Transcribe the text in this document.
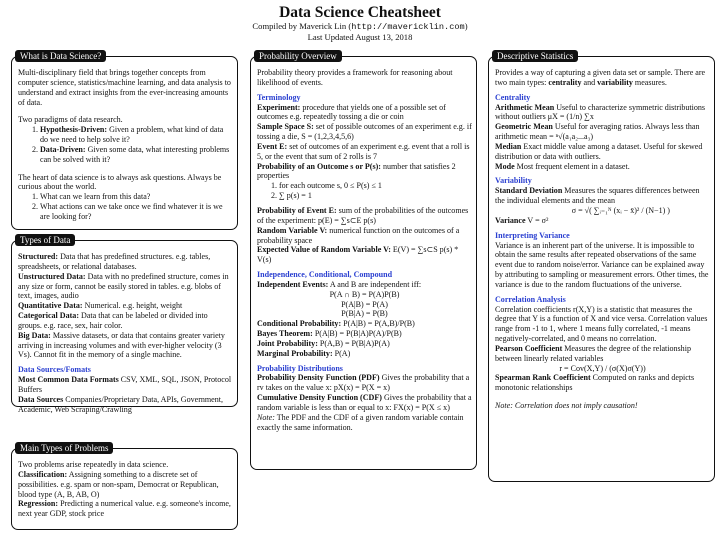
Data Science Cheatsheet
Compiled by Maverick Lin (http://mavericklin.com)
Last Updated August 13, 2018
What is Data Science?

Multi-disciplinary field that brings together concepts from computer science, statistics/machine learning, and data analysis to understand and extract insights from the ever-increasing amounts of data.

Two paradigms of data research.

1. Hypothesis-Driven: Given a problem, what kind of data do we need to help solve it?
2. Data-Driven: Given some data, what interesting problems can be solved with it?

The heart of data science is to always ask questions. Always be curious about the world.

1. What can we learn from this data?
2. What actions can we take once we find whatever it is we are looking for?
Types of Data

Structured: Data that has predefined structures. e.g. tables, spreadsheets, or relational databases.

Unstructured Data: Data with no predefined structure, comes in any size or form, cannot be easily stored in tables. e.g. blobs of text, images, audio

Quantitative Data: Numerical. e.g. height, weight

Categorical Data: Data that can be labeled or divided into groups. e.g. race, sex, hair color.

Big Data: Massive datasets, or data that contains greater variety arriving in increasing volumes and with ever-higher velocity (3 Vs). Cannot fit in the memory of a single machine.

Data Sources/Fomats

Most Common Data Formats CSV, XML, SQL, JSON, Protocol Buffers

Data Sources Companies/Proprietary Data, APIs, Government, Academic, Web Scraping/Crawling

Main Types of Problems

Two problems arise repeatedly in data science.

Classification: Assigning something to a discrete set of possibilities. e.g. spam or non-spam, Democrat or Republican, blood type (A, B, AB, O)

Regression: Predicting a numerical value. e.g. someone's income, next year GDP, stock price

Probability Overview

Probability theory provides a framework for reasoning about likelihood of events.

Terminology

Experiment: procedure that yields one of a possible set of outcomes e.g. repeatedly tossing a die or coin

Sample Space S: set of possible outcomes of an experiment e.g. if tossing a die, S = (1,2,3,4,5,6)

Event E: set of outcomes of an experiment e.g. event that a roll is 5, or the event that sum of 2 rolls is 7

Probability of an Outcome s or P(s): number that satisfies 2 properties

1. for each outcome s, 0 ≤ P(s) ≤ 1
2. ∑ p(s) = 1

Probability of Event E: sum of the probabilities of the outcomes of the experiment: p(E) = ∑s⊂E p(s)

Random Variable V: numerical function on the outcomes of a probability space

Expected Value of Random Variable V: E(V) = ∑s⊂S p(s) * V(s)

Independence, Conditional, Compound

Independent Events: A and B are independent iff:

P(A ∩ B) = P(A)P(B)

P(A|B) = P(A)

P(B|A) = P(B)

Conditional Probability: P(A|B) = P(A,B)/P(B)

Bayes Theorem: P(A|B) = P(B|A)P(A)/P(B)

Joint Probability: P(A,B) = P(B|A)P(A)

Marginal Probability: P(A)

Probability Distributions

Probability Density Function (PDF) Gives the probability that a rv takes on the value x: pX(x) = P(X = x)

Cumulative Density Function (CDF) Gives the probability that a random variable is less than or equal to x: FX(x) = P(X ≤ x)

Note: The PDF and the CDF of a given random variable contain exactly the same information.

Descriptive Statistics

Provides a way of capturing a given data set or sample. There are two main types: centrality and variability measures.

Centrality

Arithmetic Mean Useful to characterize symmetric distributions without outliers μX = (1/n) ∑x

Geometric Mean Useful for averaging ratios. Always less than arithmetic mean = ⁿ√(a₁a₂...a₃)

Median Exact middle value among a dataset. Useful for skewed distribution or data with outliers.

Mode Most frequent element in a dataset.

Variability

Standard Deviation Measures the squares differences between the individual elements and the mean

σ = √( ∑ᵢ₌₁ᴺ (xᵢ − x̄)² / (N−1) )

Variance V = σ²

Interpreting Variance

Variance is an inherent part of the universe. It is impossible to obtain the same results after repeated observations of the same event due to random noise/error. Variance can be explained away by attributing to sampling or measurement errors. Other times, the variance is due to the random fluctuations of the universe.

Correlation Analysis

Correlation coefficients r(X,Y) is a statistic that measures the degree that Y is a function of X and vice versa. Correlation values range from -1 to 1, where 1 means fully correlated, -1 means negatively-correlated, and 0 means no correlation.

Pearson Coefficient Measures the degree of the relationship between linearly related variables

r = Cov(X,Y) / (σ(X)σ(Y))

Spearman Rank Coefficient Computed on ranks and depicts monotonic relationships

Note: Correlation does not imply causation!
